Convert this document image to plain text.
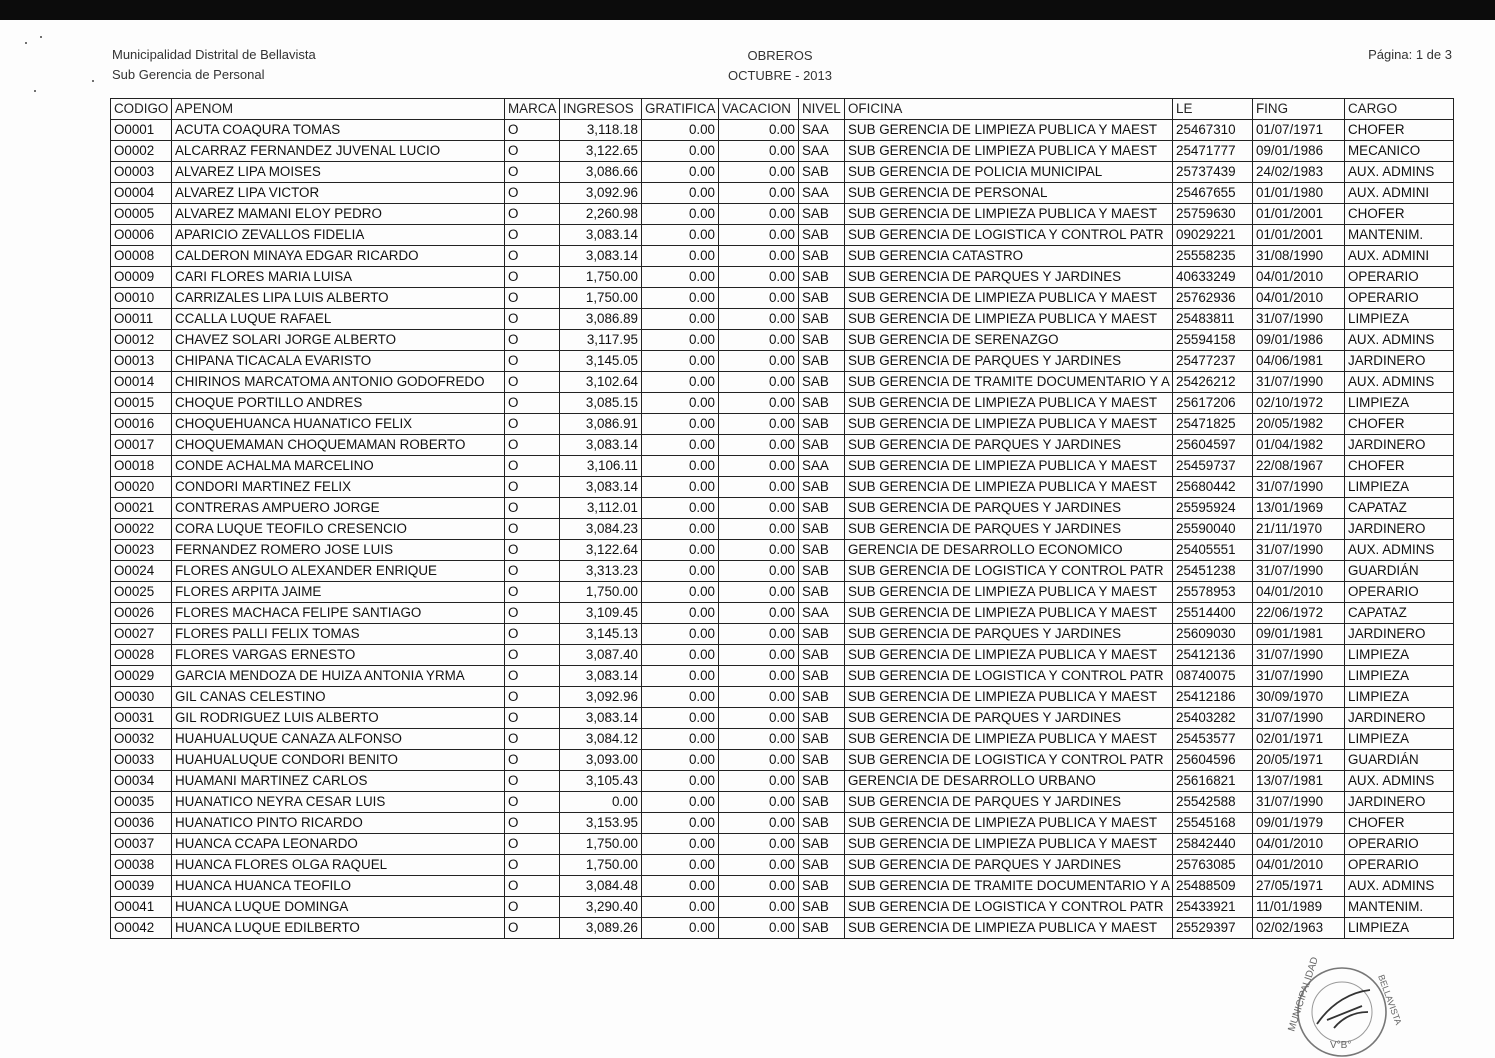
Municipalidad Distrital de Bellavista
Sub Gerencia de Personal
OBREROS
OCTUBRE - 2013
Página: 1 de 3
CODIGO	APENOM	MARCA	INGRESOS	GRATIFICA	VACACION	NIVEL	OFICINA	LE	FING	CARGO
O0001	ACUTA COAQURA TOMAS	O	3,118.18	0.00	0.00	SAA	SUB GERENCIA DE LIMPIEZA PUBLICA Y MAEST	25467310	01/07/1971	CHOFER
O0002	ALCARRAZ FERNANDEZ JUVENAL LUCIO	O	3,122.65	0.00	0.00	SAA	SUB GERENCIA DE LIMPIEZA PUBLICA Y MAEST	25471777	09/01/1986	MECANICO
O0003	ALVAREZ LIPA MOISES	O	3,086.66	0.00	0.00	SAB	SUB GERENCIA DE POLICIA MUNICIPAL	25737439	24/02/1983	AUX. ADMINS
O0004	ALVAREZ LIPA VICTOR	O	3,092.96	0.00	0.00	SAA	SUB GERENCIA DE PERSONAL	25467655	01/01/1980	AUX. ADMINI
O0005	ALVAREZ MAMANI ELOY PEDRO	O	2,260.98	0.00	0.00	SAB	SUB GERENCIA DE LIMPIEZA PUBLICA Y MAEST	25759630	01/01/2001	CHOFER
O0006	APARICIO ZEVALLOS FIDELIA	O	3,083.14	0.00	0.00	SAB	SUB GERENCIA DE LOGISTICA Y CONTROL PATR	09029221	01/01/2001	MANTENIM.
O0008	CALDERON MINAYA EDGAR RICARDO	O	3,083.14	0.00	0.00	SAB	SUB GERENCIA CATASTRO	25558235	31/08/1990	AUX. ADMINI
O0009	CARI FLORES MARIA LUISA	O	1,750.00	0.00	0.00	SAB	SUB GERENCIA DE PARQUES Y JARDINES	40633249	04/01/2010	OPERARIO
O0010	CARRIZALES LIPA LUIS ALBERTO	O	1,750.00	0.00	0.00	SAB	SUB GERENCIA DE LIMPIEZA PUBLICA Y MAEST	25762936	04/01/2010	OPERARIO
O0011	CCALLA LUQUE RAFAEL	O	3,086.89	0.00	0.00	SAB	SUB GERENCIA DE LIMPIEZA PUBLICA Y MAEST	25483811	31/07/1990	LIMPIEZA
O0012	CHAVEZ SOLARI JORGE ALBERTO	O	3,117.95	0.00	0.00	SAB	SUB GERENCIA DE SERENAZGO	25594158	09/01/1986	AUX. ADMINS
O0013	CHIPANA TICACALA EVARISTO	O	3,145.05	0.00	0.00	SAB	SUB GERENCIA DE PARQUES Y JARDINES	25477237	04/06/1981	JARDINERO
O0014	CHIRINOS MARCATOMA ANTONIO GODOFREDO	O	3,102.64	0.00	0.00	SAB	SUB GERENCIA DE TRAMITE DOCUMENTARIO Y A	25426212	31/07/1990	AUX. ADMINS
O0015	CHOQUE PORTILLO ANDRES	O	3,085.15	0.00	0.00	SAB	SUB GERENCIA DE LIMPIEZA PUBLICA Y MAEST	25617206	02/10/1972	LIMPIEZA
O0016	CHOQUEHUANCA HUANATICO FELIX	O	3,086.91	0.00	0.00	SAB	SUB GERENCIA DE LIMPIEZA PUBLICA Y MAEST	25471825	20/05/1982	CHOFER
O0017	CHOQUEMAMAN CHOQUEMAMAN ROBERTO	O	3,083.14	0.00	0.00	SAB	SUB GERENCIA DE PARQUES Y JARDINES	25604597	01/04/1982	JARDINERO
O0018	CONDE ACHALMA MARCELINO	O	3,106.11	0.00	0.00	SAA	SUB GERENCIA DE LIMPIEZA PUBLICA Y MAEST	25459737	22/08/1967	CHOFER
O0020	CONDORI MARTINEZ FELIX	O	3,083.14	0.00	0.00	SAB	SUB GERENCIA DE LIMPIEZA PUBLICA Y MAEST	25680442	31/07/1990	LIMPIEZA
O0021	CONTRERAS AMPUERO JORGE	O	3,112.01	0.00	0.00	SAB	SUB GERENCIA DE PARQUES Y JARDINES	25595924	13/01/1969	CAPATAZ
O0022	CORA LUQUE TEOFILO CRESENCIO	O	3,084.23	0.00	0.00	SAB	SUB GERENCIA DE PARQUES Y JARDINES	25590040	21/11/1970	JARDINERO
O0023	FERNANDEZ ROMERO JOSE LUIS	O	3,122.64	0.00	0.00	SAB	GERENCIA DE DESARROLLO ECONOMICO	25405551	31/07/1990	AUX. ADMINS
O0024	FLORES ANGULO ALEXANDER ENRIQUE	O	3,313.23	0.00	0.00	SAB	SUB GERENCIA DE LOGISTICA Y CONTROL PATR	25451238	31/07/1990	GUARDIÁN
O0025	FLORES ARPITA JAIME	O	1,750.00	0.00	0.00	SAB	SUB GERENCIA DE LIMPIEZA PUBLICA Y MAEST	25578953	04/01/2010	OPERARIO
O0026	FLORES MACHACA FELIPE SANTIAGO	O	3,109.45	0.00	0.00	SAA	SUB GERENCIA DE LIMPIEZA PUBLICA Y MAEST	25514400	22/06/1972	CAPATAZ
O0027	FLORES PALLI FELIX TOMAS	O	3,145.13	0.00	0.00	SAB	SUB GERENCIA DE PARQUES Y JARDINES	25609030	09/01/1981	JARDINERO
O0028	FLORES VARGAS ERNESTO	O	3,087.40	0.00	0.00	SAB	SUB GERENCIA DE LIMPIEZA PUBLICA Y MAEST	25412136	31/07/1990	LIMPIEZA
O0029	GARCIA MENDOZA DE HUIZA ANTONIA YRMA	O	3,083.14	0.00	0.00	SAB	SUB GERENCIA DE LOGISTICA Y CONTROL PATR	08740075	31/07/1990	LIMPIEZA
O0030	GIL CANAS CELESTINO	O	3,092.96	0.00	0.00	SAB	SUB GERENCIA DE LIMPIEZA PUBLICA Y MAEST	25412186	30/09/1970	LIMPIEZA
O0031	GIL RODRIGUEZ LUIS ALBERTO	O	3,083.14	0.00	0.00	SAB	SUB GERENCIA DE PARQUES Y JARDINES	25403282	31/07/1990	JARDINERO
O0032	HUAHUALUQUE CANAZA ALFONSO	O	3,084.12	0.00	0.00	SAB	SUB GERENCIA DE LIMPIEZA PUBLICA Y MAEST	25453577	02/01/1971	LIMPIEZA
O0033	HUAHUALUQUE CONDORI BENITO	O	3,093.00	0.00	0.00	SAB	SUB GERENCIA DE LOGISTICA Y CONTROL PATR	25604596	20/05/1971	GUARDIÁN
O0034	HUAMANI MARTINEZ CARLOS	O	3,105.43	0.00	0.00	SAB	GERENCIA DE DESARROLLO URBANO	25616821	13/07/1981	AUX. ADMINS
O0035	HUANATICO NEYRA CESAR LUIS	O	0.00	0.00	0.00	SAB	SUB GERENCIA DE PARQUES Y JARDINES	25542588	31/07/1990	JARDINERO
O0036	HUANATICO PINTO RICARDO	O	3,153.95	0.00	0.00	SAB	SUB GERENCIA DE LIMPIEZA PUBLICA Y MAEST	25545168	09/01/1979	CHOFER
O0037	HUANCA CCAPA LEONARDO	O	1,750.00	0.00	0.00	SAB	SUB GERENCIA DE LIMPIEZA PUBLICA Y MAEST	25842440	04/01/2010	OPERARIO
O0038	HUANCA FLORES OLGA RAQUEL	O	1,750.00	0.00	0.00	SAB	SUB GERENCIA DE PARQUES Y JARDINES	25763085	04/01/2010	OPERARIO
O0039	HUANCA HUANCA TEOFILO	O	3,084.48	0.00	0.00	SAB	SUB GERENCIA DE TRAMITE DOCUMENTARIO Y A	25488509	27/05/1971	AUX. ADMINS
O0041	HUANCA LUQUE DOMINGA	O	3,290.40	0.00	0.00	SAB	SUB GERENCIA DE LOGISTICA Y CONTROL PATR	25433921	11/01/1989	MANTENIM.
O0042	HUANCA LUQUE EDILBERTO	O	3,089.26	0.00	0.00	SAB	SUB GERENCIA DE LIMPIEZA PUBLICA Y MAEST	25529397	02/02/1963	LIMPIEZA
MUNICIPALIDAD	BELLAVISTA
V°B°
